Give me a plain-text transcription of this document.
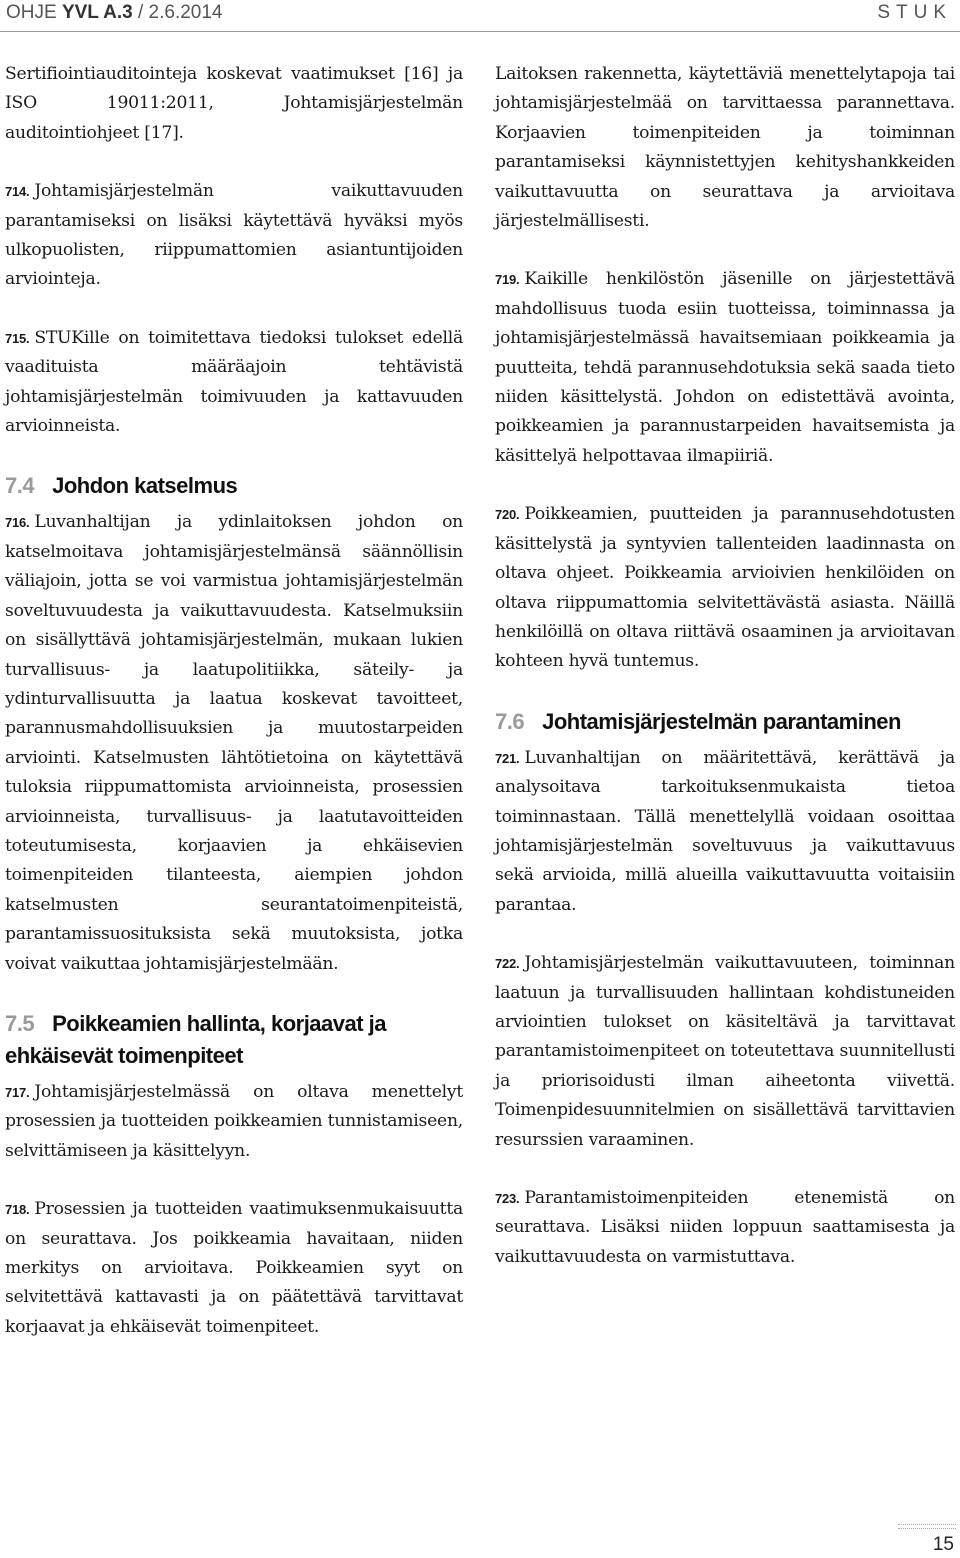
OHJE YVL A.3 / 2.6.2014	STUK

Sertifiointiauditointeja koskevat vaatimukset [16] ja ISO 19011:2011, Johtamisjärjestelmän auditointiohjeet [17].

714. Johtamisjärjestelmän vaikuttavuuden parantamiseksi on lisäksi käytettävä hyväksi myös ulkopuolisten, riippumattomien asiantuntijoiden arviointeja.

715. STUKille on toimitettava tiedoksi tulokset edellä vaadituista määräajoin tehtävistä johtamisjärjestelmän toimivuuden ja kattavuuden arvioinneista.

7.4 Johdon katselmus

716. Luvanhaltijan ja ydinlaitoksen johdon on katselmoitava johtamisjärjestelmänsä säännöllisin väliajoin, jotta se voi varmistua johtamisjärjestelmän soveltuvuudesta ja vaikuttavuudesta. Katselmuksiin on sisällyttävä johtamisjärjestelmän, mukaan lukien turvallisuus- ja laatupolitiikka, säteily- ja ydinturvallisuutta ja laatua koskevat tavoitteet, parannusmahdollisuuksien ja muutostarpeiden arviointi. Katselmusten lähtötietoina on käytettävä tuloksia riippumattomista arvioinneista, prosessien arvioinneista, turvallisuus- ja laatutavoitteiden toteutumisesta, korjaavien ja ehkäisevien toimenpiteiden tilanteesta, aiempien johdon katselmusten seurantatoimenpiteistä, parantamissuosituksista sekä muutoksista, jotka voivat vaikuttaa johtamisjärjestelmään.

7.5 Poikkeamien hallinta, korjaavat ja ehkäisevät toimenpiteet

717. Johtamisjärjestelmässä on oltava menettelyt prosessien ja tuotteiden poikkeamien tunnistamiseen, selvittämiseen ja käsittelyyn.

718. Prosessien ja tuotteiden vaatimuksenmukaisuutta on seurattava. Jos poikkeamia havaitaan, niiden merkitys on arvioitava. Poikkeamien syyt on selvitettävä kattavasti ja on päätettävä tarvittavat korjaavat ja ehkäisevät toimenpiteet.

Laitoksen rakennetta, käytettäviä menettelytapoja tai johtamisjärjestelmää on tarvittaessa parannettava. Korjaavien toimenpiteiden ja toiminnan parantamiseksi käynnistettyjen kehityshankkeiden vaikuttavuutta on seurattava ja arvioitava järjestelmällisesti.

719. Kaikille henkilöstön jäsenille on järjestettävä mahdollisuus tuoda esiin tuotteissa, toiminnassa ja johtamisjärjestelmässä havaitsemiaan poikkeamia ja puutteita, tehdä parannusehdotuksia sekä saada tieto niiden käsittelystä. Johdon on edistettävä avointa, poikkeamien ja parannustarpeiden havaitsemista ja käsittelyä helpottavaa ilmapiiriä.

720. Poikkeamien, puutteiden ja parannusehdotusten käsittelystä ja syntyvien tallenteiden laadinnasta on oltava ohjeet. Poikkeamia arvioivien henkilöiden on oltava riippumattomia selvitettävästä asiasta. Näillä henkilöillä on oltava riittävä osaaminen ja arvioitavan kohteen hyvä tuntemus.

7.6 Johtamisjärjestelmän parantaminen

721. Luvanhaltijan on määritettävä, kerättävä ja analysoitava tarkoituksenmukaista tietoa toiminnastaan. Tällä menettelyllä voidaan osoittaa johtamisjärjestelmän soveltuvuus ja vaikuttavuus sekä arvioida, millä alueilla vaikuttavuutta voitaisiin parantaa.

722. Johtamisjärjestelmän vaikuttavuuteen, toiminnan laatuun ja turvallisuuden hallintaan kohdistuneiden arviointien tulokset on käsiteltävä ja tarvittavat parantamistoimenpiteet on toteutettava suunnitellusti ja priorisoidusti ilman aiheetonta viivettä. Toimenpidesuunnitelmien on sisällettävä tarvittavien resurssien varaaminen.

723. Parantamistoimenpiteiden etenemistä on seurattava. Lisäksi niiden loppuun saattamisesta ja vaikuttavuudesta on varmistuttava.

15
